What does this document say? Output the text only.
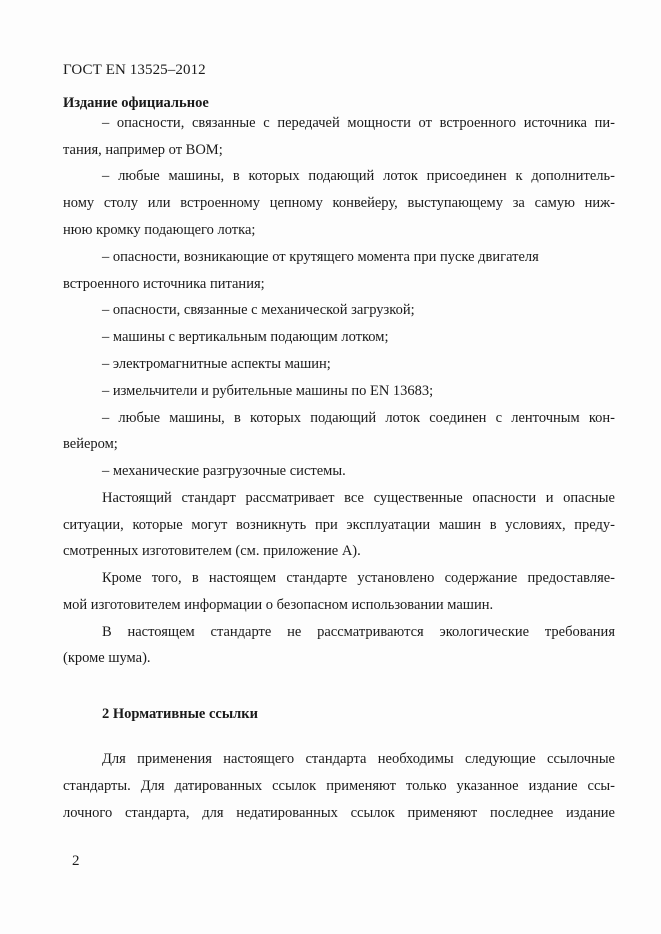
ГОСТ EN 13525–2012
Издание официальное
– опасности, связанные с передачей мощности от встроенного источника пи-
тания, например от ВОМ;
– любые машины, в которых подающий лоток присоединен к дополнитель-
ному столу или встроенному цепному конвейеру, выступающему за самую ниж-
нюю кромку подающего лотка;
– опасности, возникающие от крутящего момента при пуске двигателя
встроенного источника питания;
– опасности, связанные с механической загрузкой;
– машины с вертикальным подающим лотком;
– электромагнитные аспекты машин;
– измельчители и рубительные машины по EN 13683;
– любые машины, в которых подающий лоток соединен с ленточным кон-
вейером;
– механические разгрузочные системы.
Настоящий стандарт рассматривает все существенные опасности и опасные
ситуации, которые могут возникнуть при эксплуатации машин в условиях, преду-
смотренных изготовителем (см. приложение А).
Кроме того, в настоящем стандарте установлено содержание предоставляе-
мой изготовителем информации о безопасном использовании машин.
В настоящем стандарте не рассматриваются экологические требования
(кроме шума).
2 Нормативные ссылки
Для применения настоящего стандарта необходимы следующие ссылочные
стандарты. Для датированных ссылок применяют только указанное издание ссы-
лочного стандарта, для недатированных ссылок применяют последнее издание
2
